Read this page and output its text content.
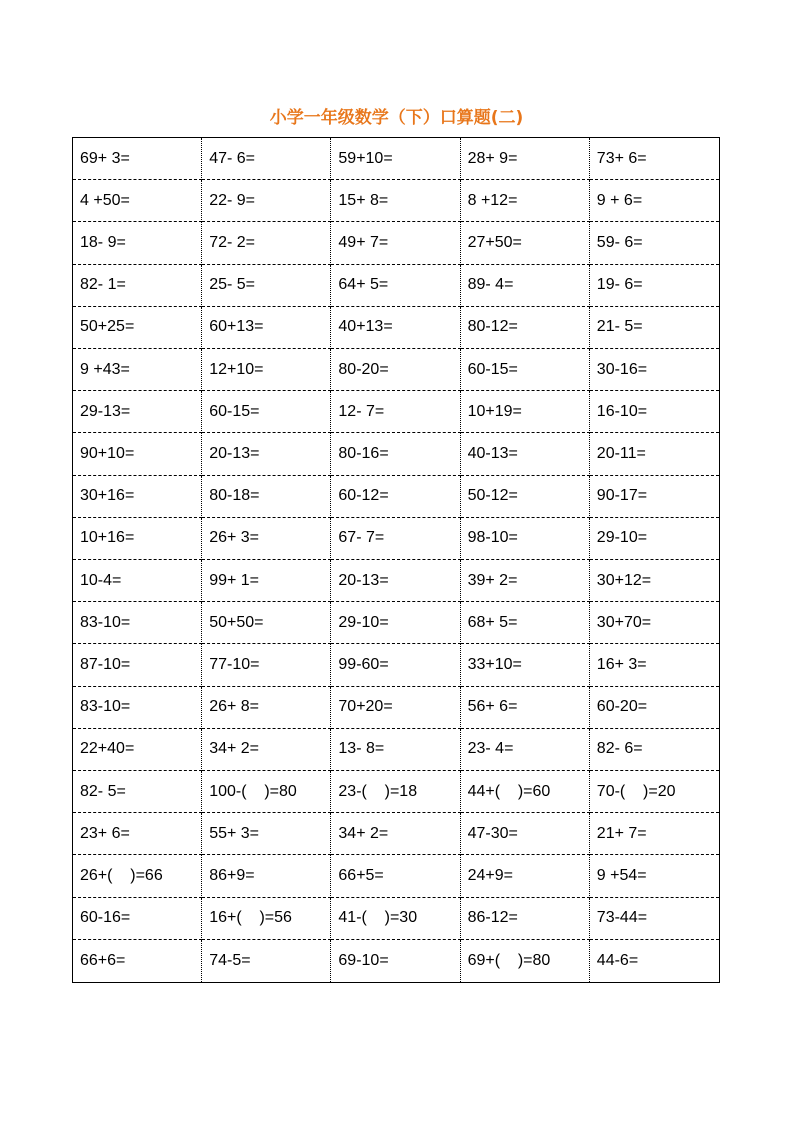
小学一年级数学（下）口算题(二)
69+ 3=	47- 6=	59+10=	28+ 9=	73+ 6=
4 +50=	22- 9=	15+ 8=	8 +12=	9 + 6=
18- 9=	72- 2=	49+ 7=	27+50=	59- 6=
82- 1=	25- 5=	64+ 5=	89- 4=	19- 6=
50+25=	60+13=	40+13=	80-12=	21- 5=
9 +43=	12+10=	80-20=	60-15=	30-16=
29-13=	60-15=	12- 7=	10+19=	16-10=
90+10=	20-13=	80-16=	40-13=	20-11=
30+16=	80-18=	60-12=	50-12=	90-17=
10+16=	26+ 3=	67- 7=	98-10=	29-10=
10-4=	99+ 1=	20-13=	39+ 2=	30+12=
83-10=	50+50=	29-10=	68+ 5=	30+70=
87-10=	77-10=	99-60=	33+10=	16+ 3=
83-10=	26+ 8=	70+20=	56+ 6=	60-20=
22+40=	34+ 2=	13- 8=	23- 4=	82- 6=
82- 5=	100-(    )=80	23-(    )=18	44+(    )=60	70-(    )=20
23+ 6=	55+ 3=	34+ 2=	47-30=	21+ 7=
26+(    )=66	86+9=	66+5=	24+9=	9 +54=
60-16=	16+(    )=56	41-(    )=30	86-12=	73-44=
66+6=	74-5=	69-10=	69+(    )=80	44-6=
